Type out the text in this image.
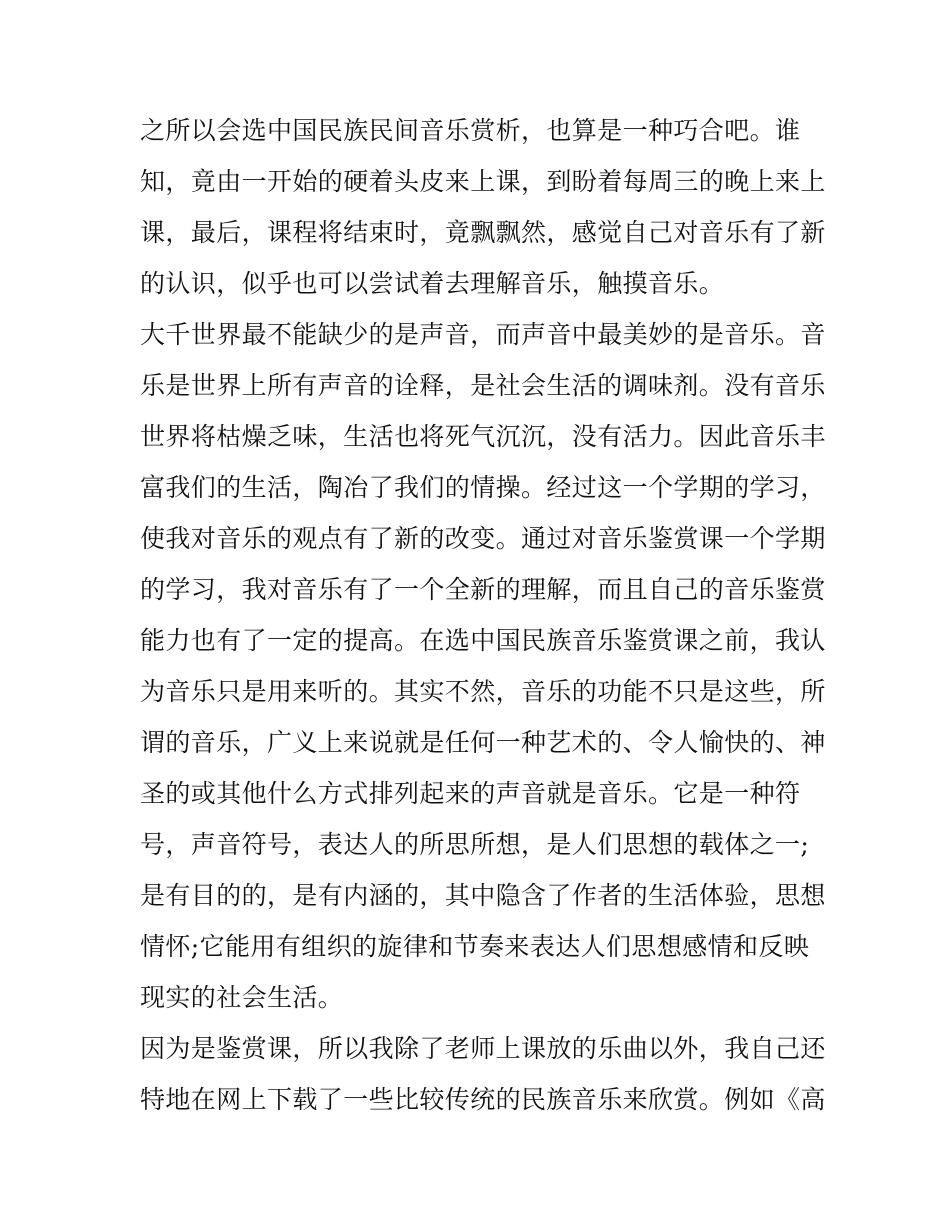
之所以会选中国民族民间音乐赏析，也算是一种巧合吧。谁
知，竟由一开始的硬着头皮来上课，到盼着每周三的晚上来上
课，最后，课程将结束时，竟飘飘然，感觉自己对音乐有了新
的认识，似乎也可以尝试着去理解音乐，触摸音乐。
大千世界最不能缺少的是声音，而声音中最美妙的是音乐。音
乐是世界上所有声音的诠释，是社会生活的调味剂。没有音乐
世界将枯燥乏味，生活也将死气沉沉，没有活力。因此音乐丰
富我们的生活，陶冶了我们的情操。经过这一个学期的学习，
使我对音乐的观点有了新的改变。通过对音乐鉴赏课一个学期
的学习，我对音乐有了一个全新的理解，而且自己的音乐鉴赏
能力也有了一定的提高。在选中国民族音乐鉴赏课之前，我认
为音乐只是用来听的。其实不然，音乐的功能不只是这些，所
谓的音乐，广义上来说就是任何一种艺术的、令人愉快的、神
圣的或其他什么方式排列起来的声音就是音乐。它是一种符
号，声音符号，表达人的所思所想，是人们思想的载体之一;
是有目的的，是有内涵的，其中隐含了作者的生活体验，思想
情怀;它能用有组织的旋律和节奏来表达人们思想感情和反映
现实的社会生活。
因为是鉴赏课，所以我除了老师上课放的乐曲以外，我自己还
特地在网上下载了一些比较传统的民族音乐来欣赏。例如《高
